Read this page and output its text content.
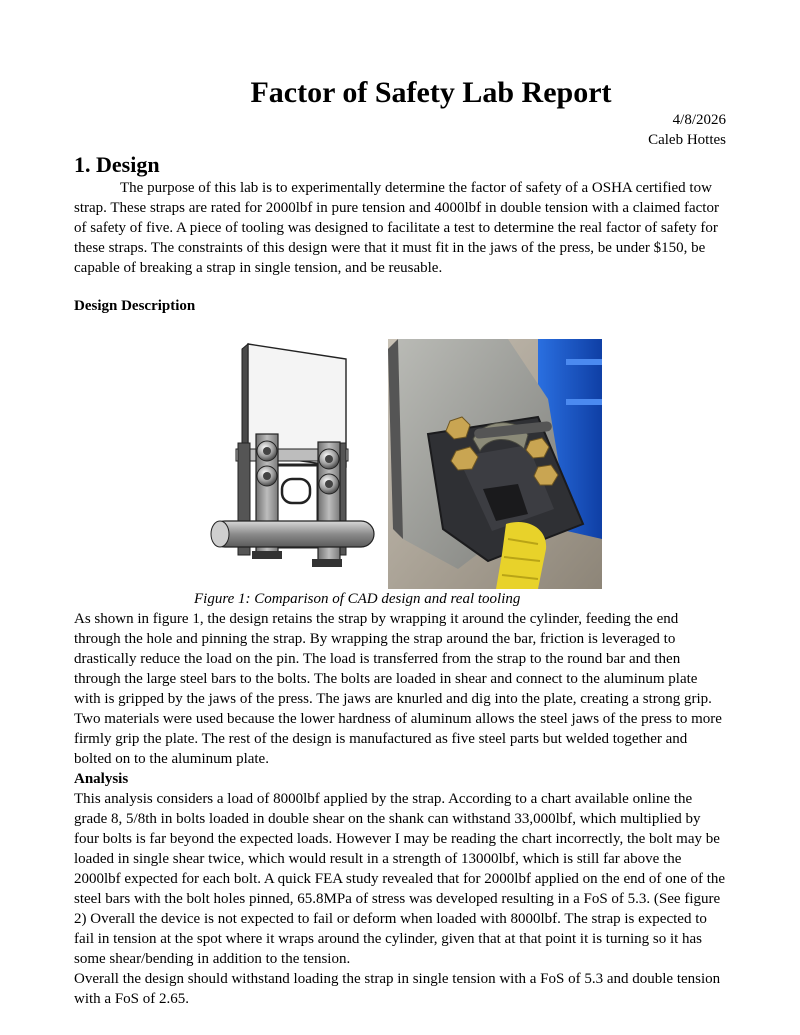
Factor of Safety Lab Report
4/8/2026
Caleb Hottes
1. Design

The purpose of this lab is to experimentally determine the factor of safety of a OSHA certified tow strap. These straps are rated for 2000lbf in pure tension and 4000lbf in double tension with a claimed factor of safety of five. A piece of tooling was designed to facilitate a test to determine the real factor of safety for these straps. The constraints of this design were that it must fit in the jaws of the press, be under $150, be capable of breaking a strap in single tension, and be reusable.

Design Description

Figure 1: Comparison of CAD design and real tooling

As shown in figure 1, the design retains the strap by wrapping it around the cylinder, feeding the end through the hole and pinning the strap. By wrapping the strap around the bar, friction is leveraged to drastically reduce the load on the pin. The load is transferred from the strap to the round bar and then through the large steel bars to the bolts. The bolts are loaded in shear and connect to the aluminum plate with is gripped by the jaws of the press. The jaws are knurled and dig into the plate, creating a strong grip. Two materials were used because the lower hardness of aluminum allows the steel jaws of the press to more firmly grip the plate. The rest of the design is manufactured as five steel parts but welded together and bolted on to the aluminum plate.

Analysis

This analysis considers a load of 8000lbf applied by the strap. According to a chart available online the grade 8, 5/8th in bolts loaded in double shear on the shank can withstand 33,000lbf, which multiplied by four bolts is far beyond the expected loads. However I may be reading the chart incorrectly, the bolt may be loaded in single shear twice, which would result in a strength of 13000lbf, which is still far above the 2000lbf expected for each bolt. A quick FEA study revealed that for 2000lbf applied on the end of one of the steel bars with the bolt holes pinned, 65.8MPa of stress was developed resulting in a FoS of 5.3. (See figure 2) Overall the device is not expected to fail or deform when loaded with 8000lbf. The strap is expected to fail in tension at the spot where it wraps around the cylinder, given that at that point it is turning so it has some shear/bending in addition to the tension.

Overall the design should withstand loading the strap in single tension with a FoS of 5.3 and double tension with a FoS of 2.65.
